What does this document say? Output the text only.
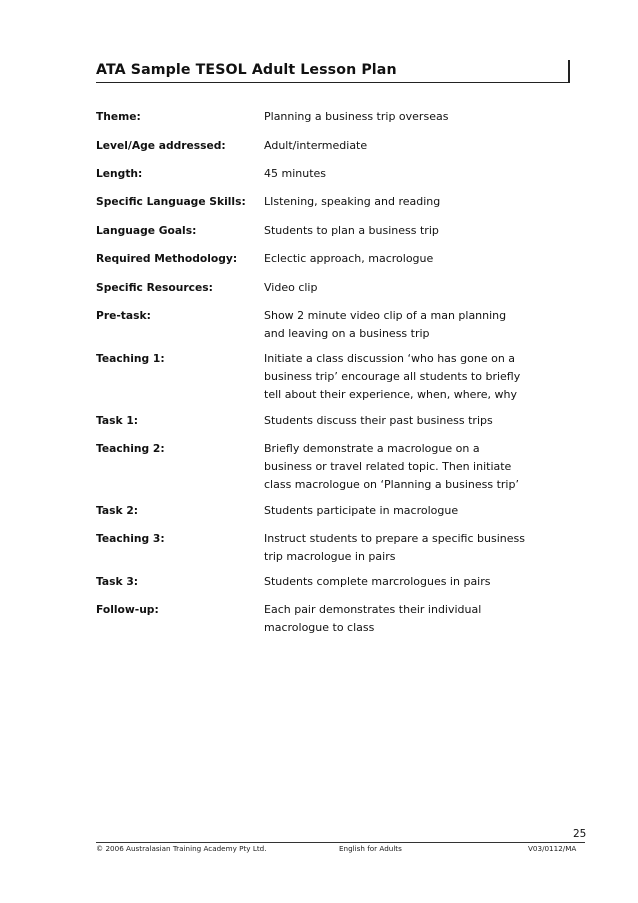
ATA Sample TESOL Adult Lesson Plan
Theme:	Planning a business trip overseas
Level/Age addressed:	Adult/intermediate
Length:	45 minutes
Specific Language Skills: LIstening, speaking and reading
Language Goals:	Students to plan a business trip
Required Methodology: Eclectic approach, macrologue
Specific Resources:	Video clip
Pre-task:	Show 2 minute video clip of a man planning
and leaving on a business trip
Teaching 1:	Initiate a class discussion ‘who has gone on a
business trip’ encourage all students to briefly
tell about their experience, when, where, why
Task 1:	Students discuss their past business trips
Teaching 2:	Briefly demonstrate a macrologue on a
business or travel related topic. Then initiate
class macrologue on ‘Planning a business trip’
Task 2:	Students participate in macrologue
Teaching 3:	Instruct students to prepare a specific business
trip macrologue in pairs
Task 3:	Students complete marcrologues in pairs
Follow-up:	Each pair demonstrates their individual
macrologue to class
25
© 2006 Australasian Training Academy Pty Ltd.	English for Adults	V03/0112/MA
